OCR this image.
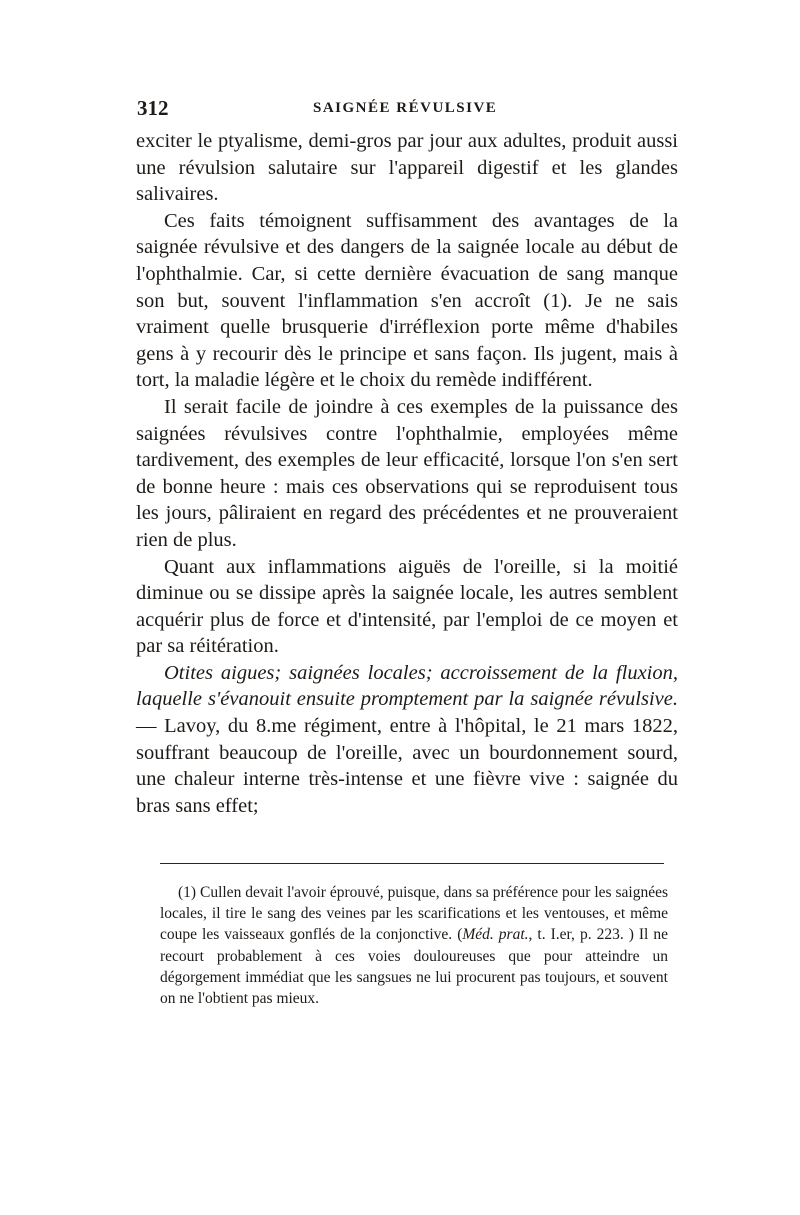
312	SAIGNÉE RÉVULSIVE

exciter le ptyalisme, demi-gros par jour aux adultes, produit aussi une révulsion salutaire sur l'appareil digestif et les glandes salivaires.

Ces faits témoignent suffisamment des avantages de la saignée révulsive et des dangers de la saignée locale au début de l'ophthalmie. Car, si cette dernière évacuation de sang manque son but, souvent l'inflammation s'en accroît (1). Je ne sais vraiment quelle brusquerie d'irréflexion porte même d'habiles gens à y recourir dès le principe et sans façon. Ils jugent, mais à tort, la maladie légère et le choix du remède indifférent.

Il serait facile de joindre à ces exemples de la puissance des saignées révulsives contre l'ophthalmie, employées même tardivement, des exemples de leur efficacité, lorsque l'on s'en sert de bonne heure : mais ces observations qui se reproduisent tous les jours, pâliraient en regard des précédentes et ne prouveraient rien de plus.

Quant aux inflammations aiguës de l'oreille, si la moitié diminue ou se dissipe après la saignée locale, les autres semblent acquérir plus de force et d'intensité, par l'emploi de ce moyen et par sa réitération.

Otites aigues; saignées locales; accroissement de la fluxion, laquelle s'évanouit ensuite promptement par la saignée révulsive. — Lavoy, du 8.me régiment, entre à l'hôpital, le 21 mars 1822, souffrant beaucoup de l'oreille, avec un bourdonnement sourd, une chaleur interne très-intense et une fièvre vive : saignée du bras sans effet;

(1) Cullen devait l'avoir éprouvé, puisque, dans sa préférence pour les saignées locales, il tire le sang des veines par les scarifications et les ventouses, et même coupe les vaisseaux gonflés de la conjonctive. (Méd. prat., t. I.er, p. 223. ) Il ne recourt probablement à ces voies douloureuses que pour atteindre un dégorgement immédiat que les sangsues ne lui procurent pas toujours, et souvent on ne l'obtient pas mieux.
